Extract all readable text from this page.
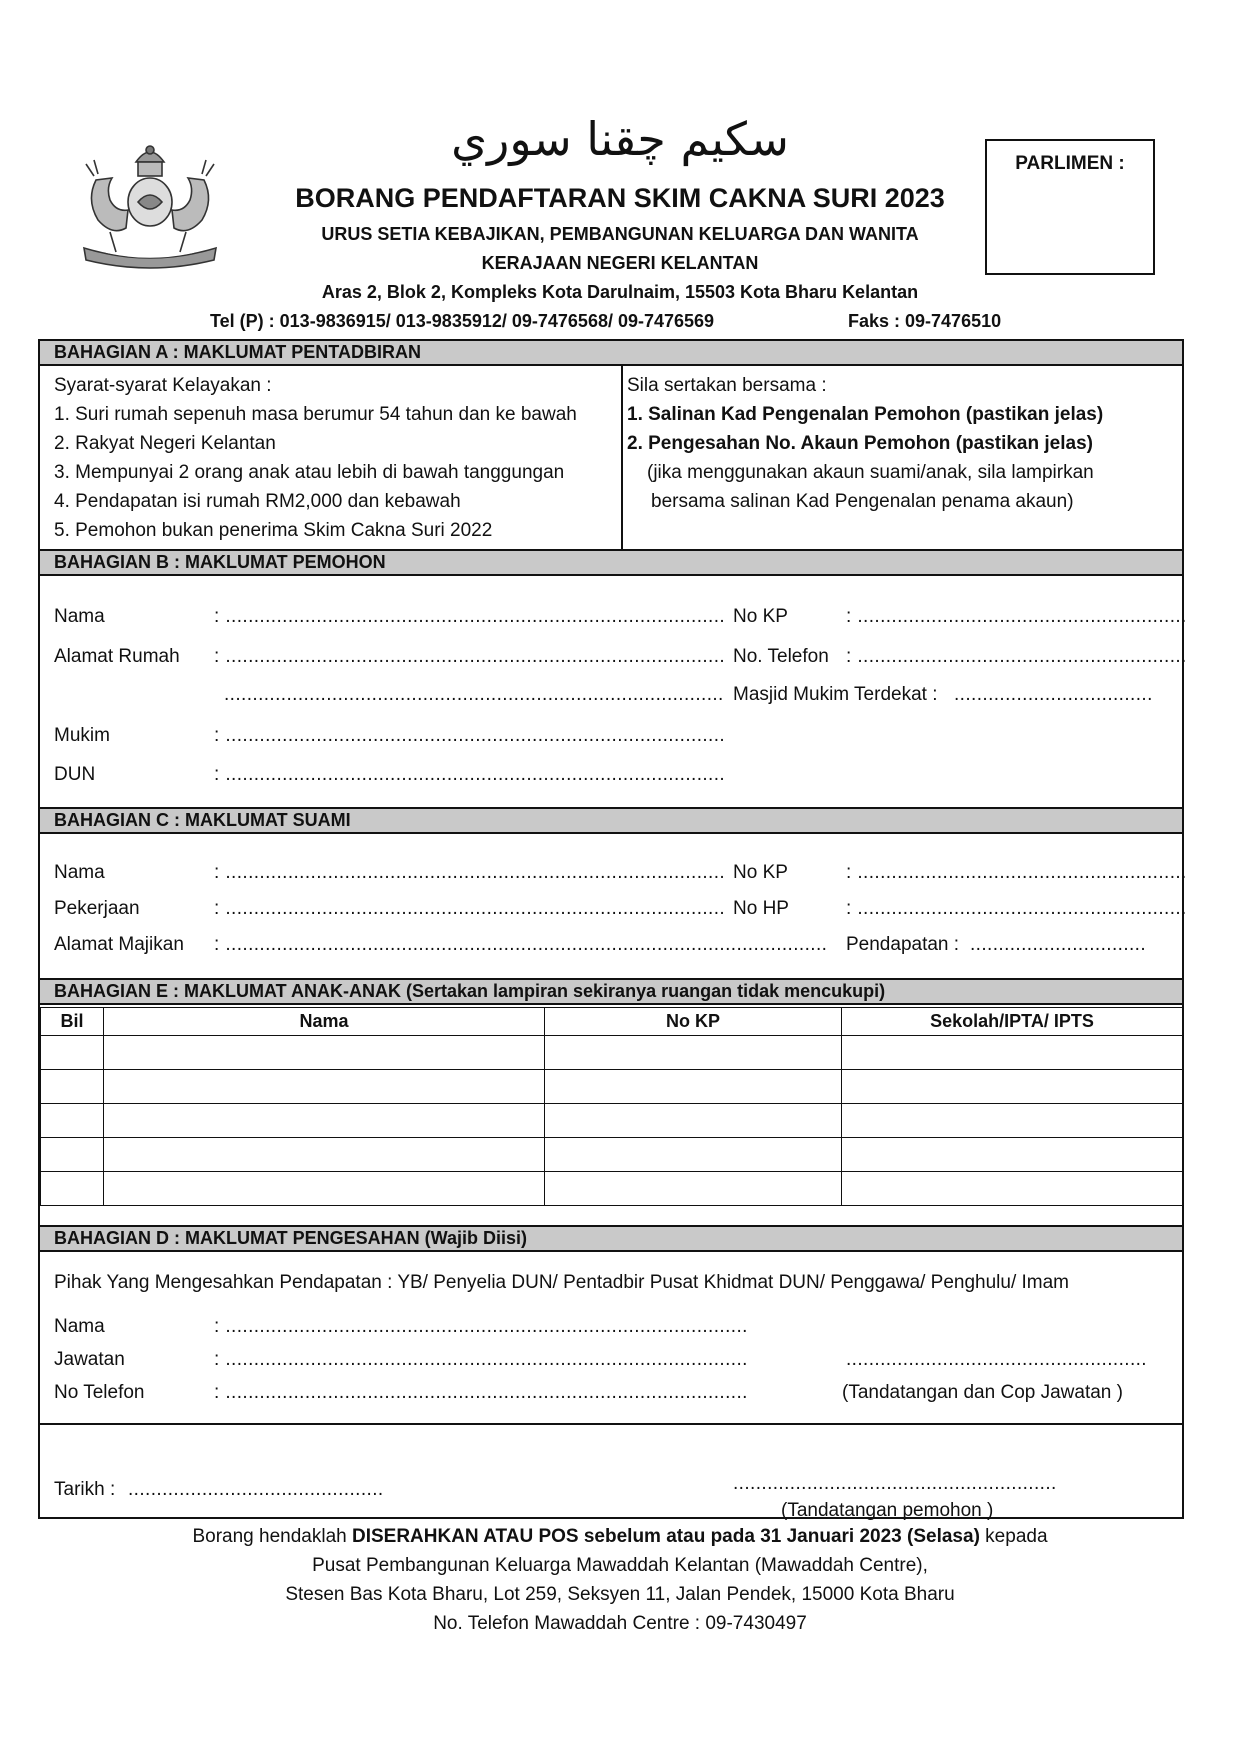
سكيم چقنا سوري
BORANG PENDAFTARAN SKIM CAKNA SURI 2023
URUS SETIA KEBAJIKAN, PEMBANGUNAN KELUARGA DAN WANITA
KERAJAAN NEGERI KELANTAN
Aras 2, Blok 2, Kompleks Kota Darulnaim, 15503 Kota Bharu Kelantan
Tel (P) : 013-9836915/ 013-9835912/ 09-7476568/ 09-7476569	Faks : 09-7476510
PARLIMEN :
BAHAGIAN A : MAKLUMAT PENTADBIRAN
Syarat-syarat Kelayakan :
1. Suri rumah sepenuh masa berumur 54 tahun dan ke bawah
2. Rakyat Negeri Kelantan
3. Mempunyai 2 orang anak atau lebih di bawah tanggungan
4. Pendapatan isi rumah RM2,000 dan kebawah
5. Pemohon bukan penerima Skim Cakna Suri 2022
Sila sertakan bersama :
1. Salinan Kad Pengenalan Pemohon (pastikan jelas)
2. Pengesahan No. Akaun Pemohon (pastikan jelas)
(jika menggunakan akaun suami/anak, sila lampirkan
bersama salinan Kad Pengenalan penama akaun)
BAHAGIAN B : MAKLUMAT PEMOHON
Nama	: ........................................................................................
Alamat Rumah : ........................................................................................
........................................................................................
Mukim	: ........................................................................................
DUN	: ........................................................................................
No KP	: ..........................................................
No. Telefon : ..........................................................
Masjid Mukim Terdekat : ...................................
BAHAGIAN C : MAKLUMAT SUAMI
Nama	: ........................................................................................
Pekerjaan	: ........................................................................................
Alamat Majikan : ..........................................................................................................
No KP	: ..........................................................
No HP	: ..........................................................
Pendapatan : ...............................
BAHAGIAN E : MAKLUMAT ANAK-ANAK (Sertakan lampiran sekiranya ruangan tidak mencukupi)
Bil	Nama	No KP	Sekolah/IPTA/ IPTS

BAHAGIAN D : MAKLUMAT PENGESAHAN (Wajib Diisi)
Pihak Yang Mengesahkan Pendapatan : YB/ Penyelia DUN/ Pentadbir Pusat Khidmat DUN/ Penggawa/ Penghulu/ Imam
Nama	: ............................................................................................
Jawatan	: ............................................................................................
No Telefon	: ............................................................................................
.....................................................
(Tandatangan dan Cop Jawatan )
Tarikh : .............................................	.........................................................
(Tandatangan pemohon )
Borang hendaklah DISERAHKAN ATAU POS sebelum atau pada 31 Januari 2023 (Selasa) kepada
Pusat Pembangunan Keluarga Mawaddah Kelantan (Mawaddah Centre),
Stesen Bas Kota Bharu, Lot 259, Seksyen 11, Jalan Pendek, 15000 Kota Bharu
No. Telefon Mawaddah Centre : 09-7430497
